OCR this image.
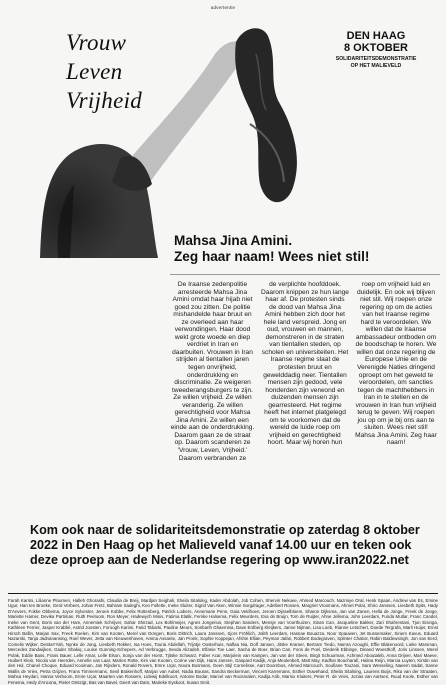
advertentie
Vrouw
Leven
Vrijheid
DEN HAAG
8 OKTOBER
SOLIDARITEITSDEMONSTRATIE
OP HET MALIEVELD
Mahsa Jina Amini.
Zeg haar naam! Wees niet stil!
De Iraanse zedenpolitie arresteerde Mahsa Jina Amini omdat haar hijab niet goed zou zitten. De politie mishandelde haar bruut en ze overleed aan haar verwondingen. Haar dood wekt grote woede en diep verdriet in Iran en daarbuiten. Vrouwen in Iran strijden al tientallen jaren tegen onvrijheid, onderdrukking en discriminatie. Ze weigeren tweederangsburgers te zijn. Ze willen vrijheid. Ze willen veranderig. Ze willen gerechtigheid voor Mahsa Jina Amini. Ze willen een einde aan de onderdrukking. Daarom gaan ze de straat op. Daarom scanderen ze 'Vrouw, Leven, Vrijheid.' Daarom verbranden ze
de verplichte hoofddoek. Daarom knippen ze hun lange haar af. De protesten sinds de dood van Mahsa Jina Amini hebben zich door het hele land verspreid. Jong en oud, vrouwen en mannen, demonstreren in de straten van tientallen steden, op scholen en universiteiten. Het Iraanse regime slaat de protesten bruut en gewelddadig neer. Tientallen mensen zijn gedood, vele honderden zijn verwond en duizenden mensen zijn gearresteerd. Het regime heeft het internet platgelegd om te voorkomen dat de wereld de luide roep om vrijheid en gerechtigheid hoort. Maar wij horen hun
roep om vrijheid luid en duidelijk. En ook wij blijven niet stil. Wij roepen onze regering op om de acties van het Iraanse regime hard te veroordelen. We willen dat de Iraanse ambassadeur ontboden om de boodschap te horen. We willen dat onze regering de Europese Unie en de Verenigde Naties dringend oproept om het geweld te veroordelen, om sancties tegen de machthebbers in Iran in te stellen en de vrouwen in Iran hun vrijheid terug te geven. Wij roepen jou op om je bij ons aan te sluiten. Wees niet stil! Mahsa Jina Amini. Zeg haar naam!
Kom ook naar de solidariteitsdemonstratie op zaterdag 8 oktober 2022 in Den Haag op het Malieveld vanaf 14.00 uur en teken ook deze oproep aan de Nederlandse regering op www.iran2022.net
Farah Karimi, Lilianne Ploumen, Halleh Ghorashi, Claudia de Breij, Mardjan Seighali, Sheila Sitalsing, Kader Abdolah, Job Cohen, Shervin Nekuee, Ahmed Marcouch, Nazmiye Oral, Henk Spaan, Andrew van Es, Emine Ugur, Han ten Broeke, Gerd Verbeet, Johan Fretz, Bahram Sadeghi, Ken Follette, Ineke Sluiter, Sigrid Van Aken, Winnie Sorgdrager, Adelbert Rossen, Margriet Vroomans, Ahmet Polat, Shiro Janssen, Liesbeth Spits, Hady D'Anvers, Fokke Obbema, Joyce Sylvester, Jeroen Kobbe, Felix Rottenberg, Patrick Lodiers, Annemarie Penn, Gaia Veldhoen, Jeroen Dijsselbloem, Sharon Dijksma, Jan van Zanen, Hella de Jonge, Freek de Jonge, Mariette Hamer, Devika Partiman, Ruth Peetoom, Ron Meyer, Hadewych Minis, Fatima Elatik, Femke Halsema, Felix Meurders, Eva de Bruijn, Tom de Ruijter, Ahne Jellema, John Leerdam, Funda Mutlar, Franc Candel, Ineke van Gent, Boris van der Ham, Annemiek Schrijver, Sahar Shirzad, Lex Bohlmeijer, Agnes Jongerius, Stephan Sanders, Mensje van Voorthuizen, Sinan Can, Jacqueline Bakker, Zari Shahrestani, Tjun Eisinga, Kathleen Ferrier, Jasper Krabbé, Astrid Joosten, Foroogh Karimi, Farid Tabarki, Pauline Meurs, Sonbarih Ghaemina, Dave Erdberg Kleijkers, Janne Nijman, Lisa Loeb, Rianne Letschert, Doede Tergrafa, Marli Huijer, Ernst Hirsch Ballin, Marjan Sax, Freek Roelen, Kim van Kooten, Merel van Dongen, Boris Dittrich, Laura Janssen, Sjors Fröhlich, Jolith Leerdam, Hasnae Bouazza, Noor Spauwen, Jet Bussemaker, Sinem Kavus, Eduard Nazarski, Tanja Jadnanansing, Roel Wever, Jetta van Nieuwenhoven, Amina Assante, Jan Pronk, Sophie Koppejan, Afshin Ellian, Peyman Jafari, Robbert Bodegraven, Splinter Chabot, Rabin Baldewsingh, Jon van Eerd, Comelis Wijker, DeStaYYah, Nynke de Jong, Liesbeth Rekker, Isa Hoes, Touria Abdellah, Trijntje Oosterhuis, Naflaa Nia, Dolf Jansen, Jitske Kramer, Bertram Tiedo, Namra Azoughi, Effie Blakenoord, Lieke Marsman, Mercedes Zandwijken, Gader Shakiq, Louise Gunning-Schepers, Ad Verbrugge, Sevda Alizadeh, Elfanie Toe Laer, Sacha de Boer, Brian Can, Fons de Poel, Diederik Ebbinge, Dinand Woesthoff, Joris Linssen, Merel Polak, Eddie Bass, Frans Bauer, Lelle Amar, Lelle Elson, Sonja van der Horst, Tjitske Schwarz, Faber Acar, Marjolein van Kampen, Jan van der Steen, Birgit Schuurman, Achmed Aboutaleb, Anna Drijver, Mari Maeve, Huibert Klein, Nicola van Heerden, Annefie van Laar, Marten Rotte, Kim van Kooten, Corine van Dijk, Hans Jansen, Gaspard Kadijk, Anja Meulenbelt, Matt May, Kadhar Boucharafi, Halina Reijn, Marcia Luyten, Kirstin van den Hul, Chanel Choque, Eduard Kooiman, Jan Rijnders, Ronald Rovers, Emre Uçar, Noura Bosmans, Geen Stijl Cornelisse, Aart Doornbos, Ahmed Marcouch, Soufiane Touzani, Sara Wesseling, Naeem Sadat, Sanne Wallis de Vries, Petra Grijzen, Frans Timmermans, Sevil Brakenhoff, Marjan van Aubel, Nadia Bouras, Sandra Beckerman, Vincent Karremans, Esther Ouwehand, Sheila Sitalsing, Laurens Buijs, Rika van der Straaten, Mahsa Heydari, Hanna Verboom, Emre Uçar, Maarten van Rossem, Lidewij Edelkoort, Antoine Bodar, Marcel van Roosmalen, Kadija Arib, Marnix Kluiters, Peter R. de Vries, Jozias van Aartsen, Ruud Koole, Esther van Fenema, Hedy d'Ancona, Pieter Omtzigt, Bas van Bavel, Geert van Dam, Marieke Eyskoot, Susan Smit.
